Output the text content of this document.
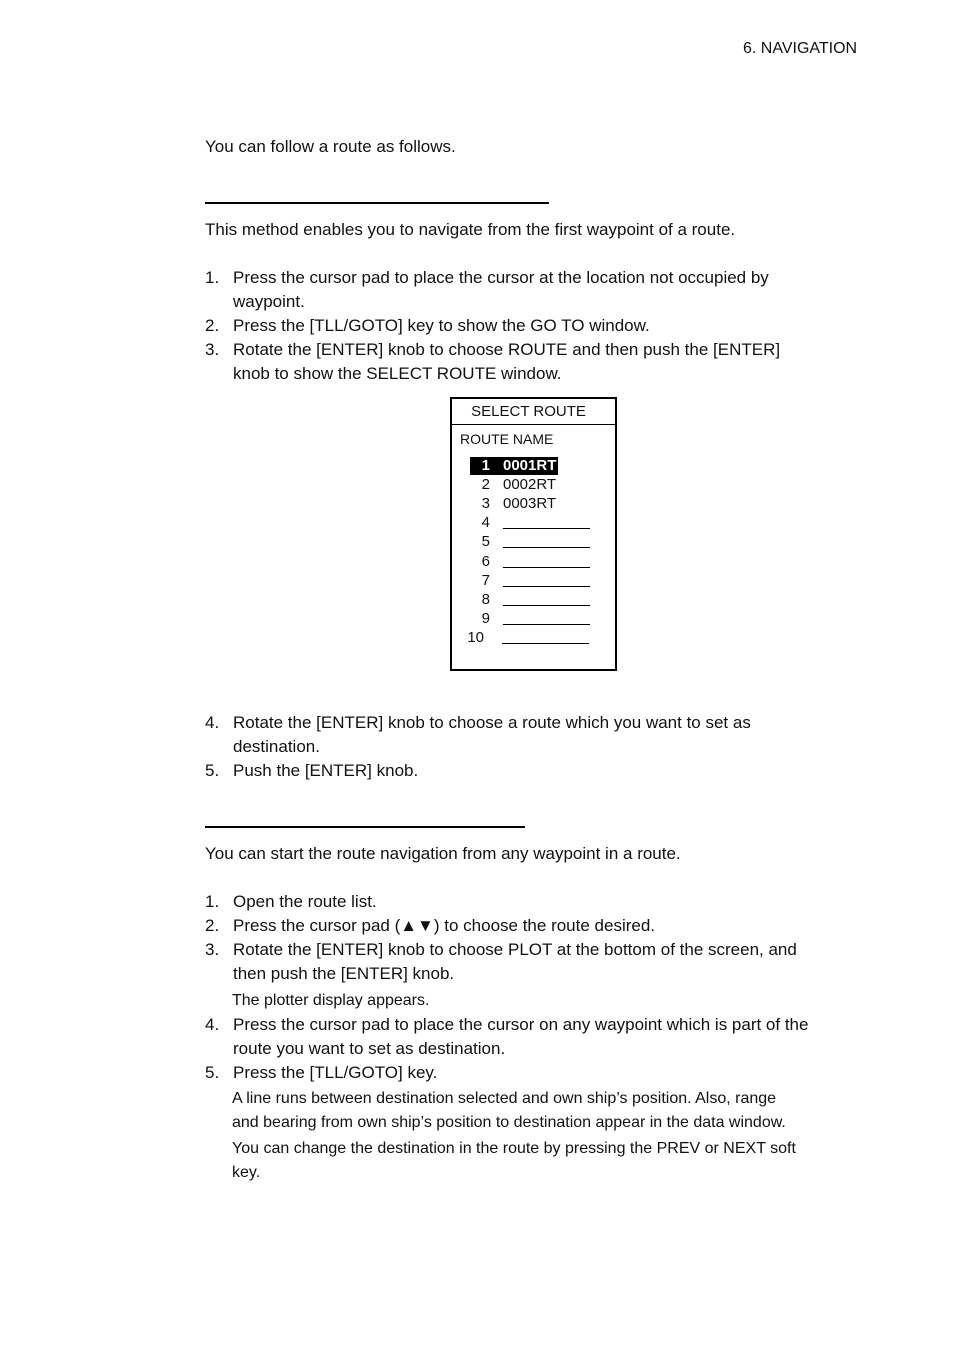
6. NAVIGATION
You can follow a route as follows.
This method enables you to navigate from the first waypoint of a route.
1. Press the cursor pad to place the cursor at the location not occupied by
waypoint.
2. Press the [TLL/GOTO] key to show the GO TO window.
3. Rotate the [ENTER] knob to choose ROUTE and then push the [ENTER]
knob to show the SELECT ROUTE window.
SELECT ROUTE
ROUTE NAME
1 0001RT
2 0002RT
3 0003RT
4
5
6
7
8
9
10
4. Rotate the [ENTER] knob to choose a route which you want to set as
destination.
5. Push the [ENTER] knob.
You can start the route navigation from any waypoint in a route.
1. Open the route list.
2. Press the cursor pad (▲▼) to choose the route desired.
3. Rotate the [ENTER] knob to choose PLOT at the bottom of the screen, and
then push the [ENTER] knob.
The plotter display appears.
4. Press the cursor pad to place the cursor on any waypoint which is part of the
route you want to set as destination.
5. Press the [TLL/GOTO] key.
A line runs between destination selected and own ship’s position. Also, range
and bearing from own ship’s position to destination appear in the data window.
You can change the destination in the route by pressing the PREV or NEXT soft
key.
